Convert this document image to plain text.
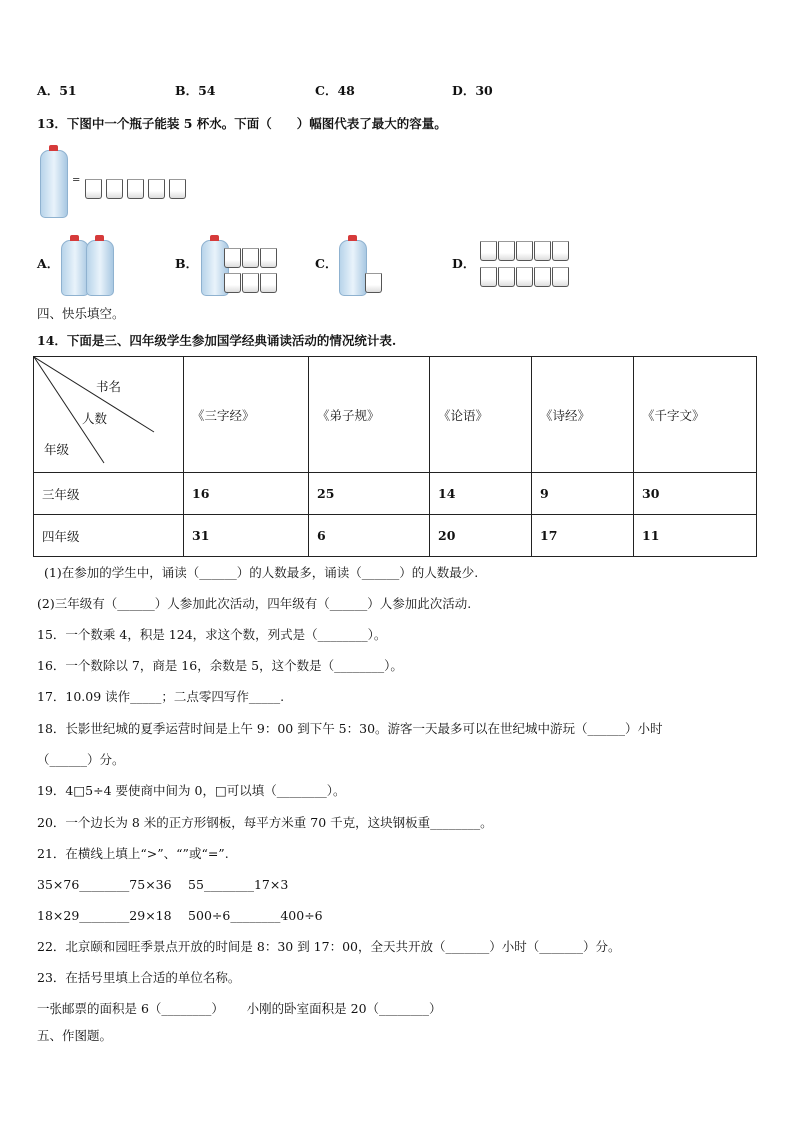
A．51	B．54	C．48	D．30
13．下图中一个瓶子能装 5 杯水。下面（　　）幅图代表了最大的容量。
=
A．	B．	C．	D．
四、快乐填空。
14．下面是三、四年级学生参加国学经典诵读活动的情况统计表.
书名
人数
年级	《三字经》	《弟子规》	《论语》	《诗经》	《千字文》
三年级	16	25	14	9	30
四年级	31	6	20	17	11
(1)在参加的学生中，诵读（______）的人数最多，诵读（______）的人数最少.
(2)三年级有（______）人参加此次活动，四年级有（______）人参加此次活动.
15．一个数乘 4，积是 124，求这个数，列式是（________）。
16．一个数除以 7，商是 16，余数是 5，这个数是（________）。
17．10.09 读作_____；二点零四写作_____.
18．长影世纪城的夏季运营时间是上午 9：00 到下午 5：30。游客一天最多可以在世纪城中游玩（______）小时
（______）分。
19．4□5÷4 要使商中间为 0，□可以填（________）。
20．一个边长为 8 米的正方形钢板，每平方米重 70 千克，这块钢板重________。
21．在横线上填上“>”、“”或“=”.
35×76________75×36　 55________17×3
18×29________29×18　 500÷6________400÷6
22．北京颐和园旺季景点开放的时间是 8：30 到 17：00，全天共开放（_______）小时（_______）分。
23．在括号里填上合适的单位名称。
一张邮票的面积是 6（________）　　 小刚的卧室面积是 20（________）
五、作图题。
